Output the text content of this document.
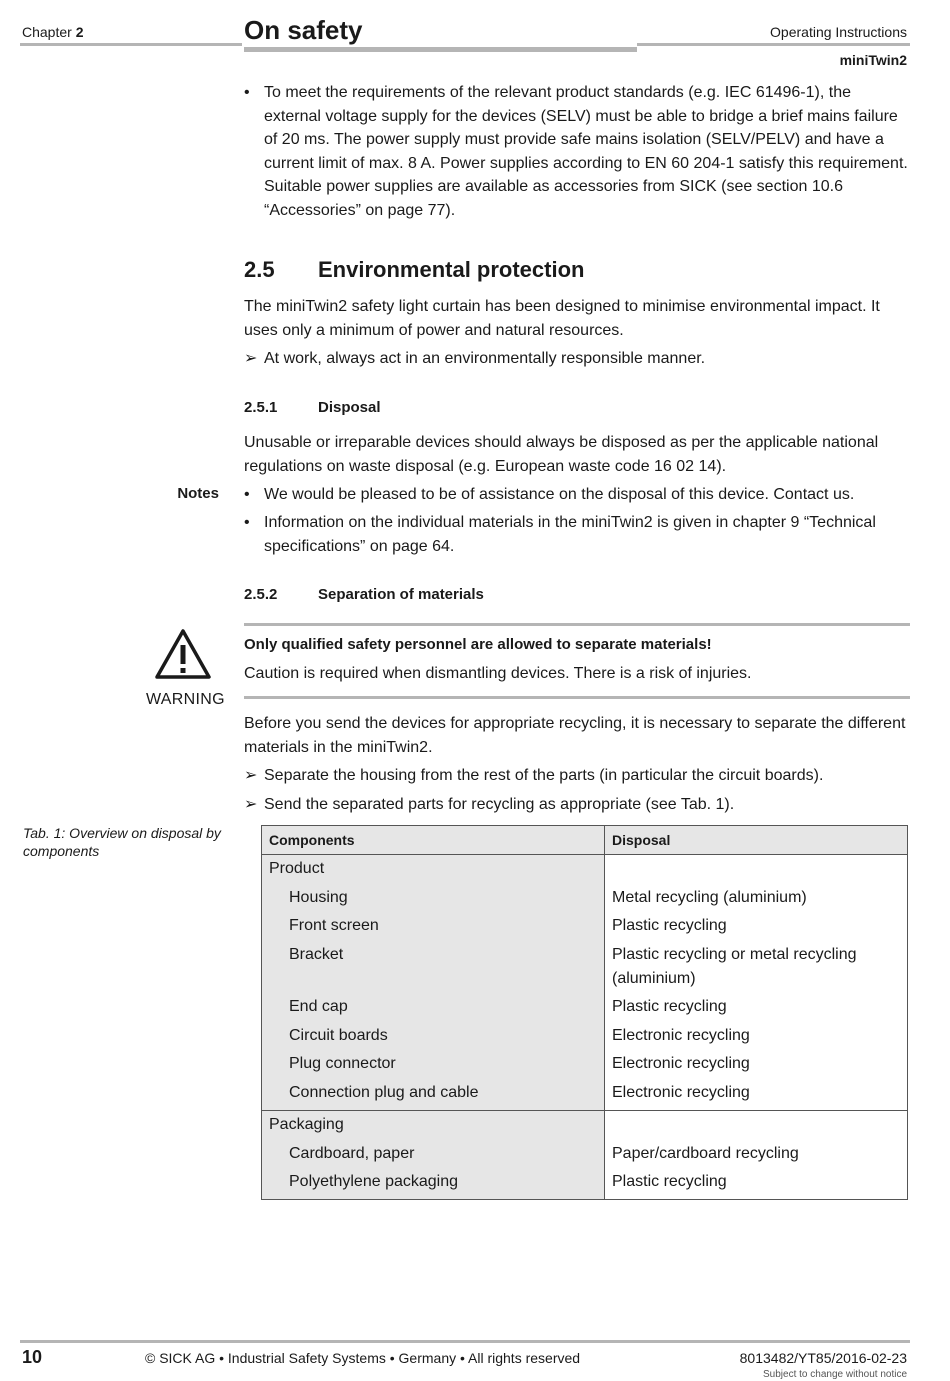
Chapter 2	On safety	Operating Instructions
miniTwin2
• To meet the requirements of the relevant product standards (e.g. IEC 61496-1), the external voltage supply for the devices (SELV) must be able to bridge a brief mains failure of 20 ms. The power supply must provide safe mains isolation (SELV/PELV) and have a current limit of max. 8 A. Power supplies according to EN 60 204-1 satisfy this requirement. Suitable power supplies are available as accessories from SICK (see section 10.6 “Accessories” on page 77).
2.5 Environmental protection
The miniTwin2 safety light curtain has been designed to minimise environmental impact. It uses only a minimum of power and natural resources.
➢ At work, always act in an environmentally responsible manner.
2.5.1	Disposal
Unusable or irreparable devices should always be disposed as per the applicable national regulations on waste disposal (e.g. European waste code 16 02 14).
Notes • We would be pleased to be of assistance on the disposal of this device. Contact us.
• Information on the individual materials in the miniTwin2 is given in chapter 9 “Technical specifications” on page 64.
2.5.2	Separation of materials
WARNING
Only qualified safety personnel are allowed to separate materials!
Caution is required when dismantling devices. There is a risk of injuries.
Before you send the devices for appropriate recycling, it is necessary to separate the different materials in the miniTwin2.
➢ Separate the housing from the rest of the parts (in particular the circuit boards).
➢ Send the separated parts for recycling as appropriate (see Tab. 1).
Tab. 1: Overview on disposal by components
Components	Disposal
Product	
Housing	Metal recycling (aluminium)
Front screen	Plastic recycling
Bracket	Plastic recycling or metal recycling (aluminium)
End cap	Plastic recycling
Circuit boards	Electronic recycling
Plug connector	Electronic recycling
Connection plug and cable	Electronic recycling
Packaging	
Cardboard, paper	Paper/cardboard recycling
Polyethylene packaging	Plastic recycling
10	© SICK AG • Industrial Safety Systems • Germany • All rights reserved	8013482/YT85/2016-02-23
Subject to change without notice
